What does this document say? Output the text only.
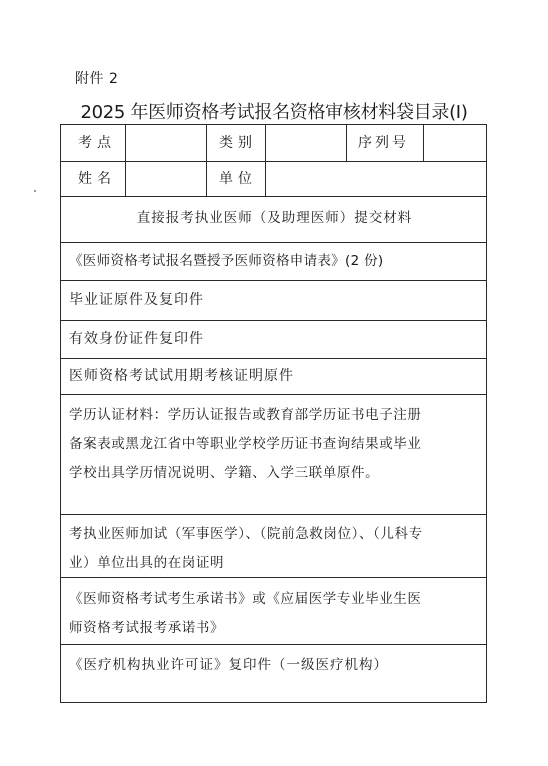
附件 2
2025 年医师资格考试报名资格审核材料袋目录(I)
考点	类别	序列号
姓名	单位
直接报考执业医师（及助理医师）提交材料
《医师资格考试报名暨授予医师资格申请表》(2 份)
毕业证原件及复印件
有效身份证件复印件
医师资格考试试用期考核证明原件
学历认证材料：学历认证报告或教育部学历证书电子注册备案表或黑龙江省中等职业学校学历证书查询结果或毕业学校出具学历情况说明、学籍、入学三联单原件。
考执业医师加试（军事医学）、（院前急救岗位）、（儿科专业）单位出具的在岗证明
《医师资格考试考生承诺书》或《应届医学专业毕业生医师资格考试报考承诺书》
《医疗机构执业许可证》复印件（一级医疗机构）
